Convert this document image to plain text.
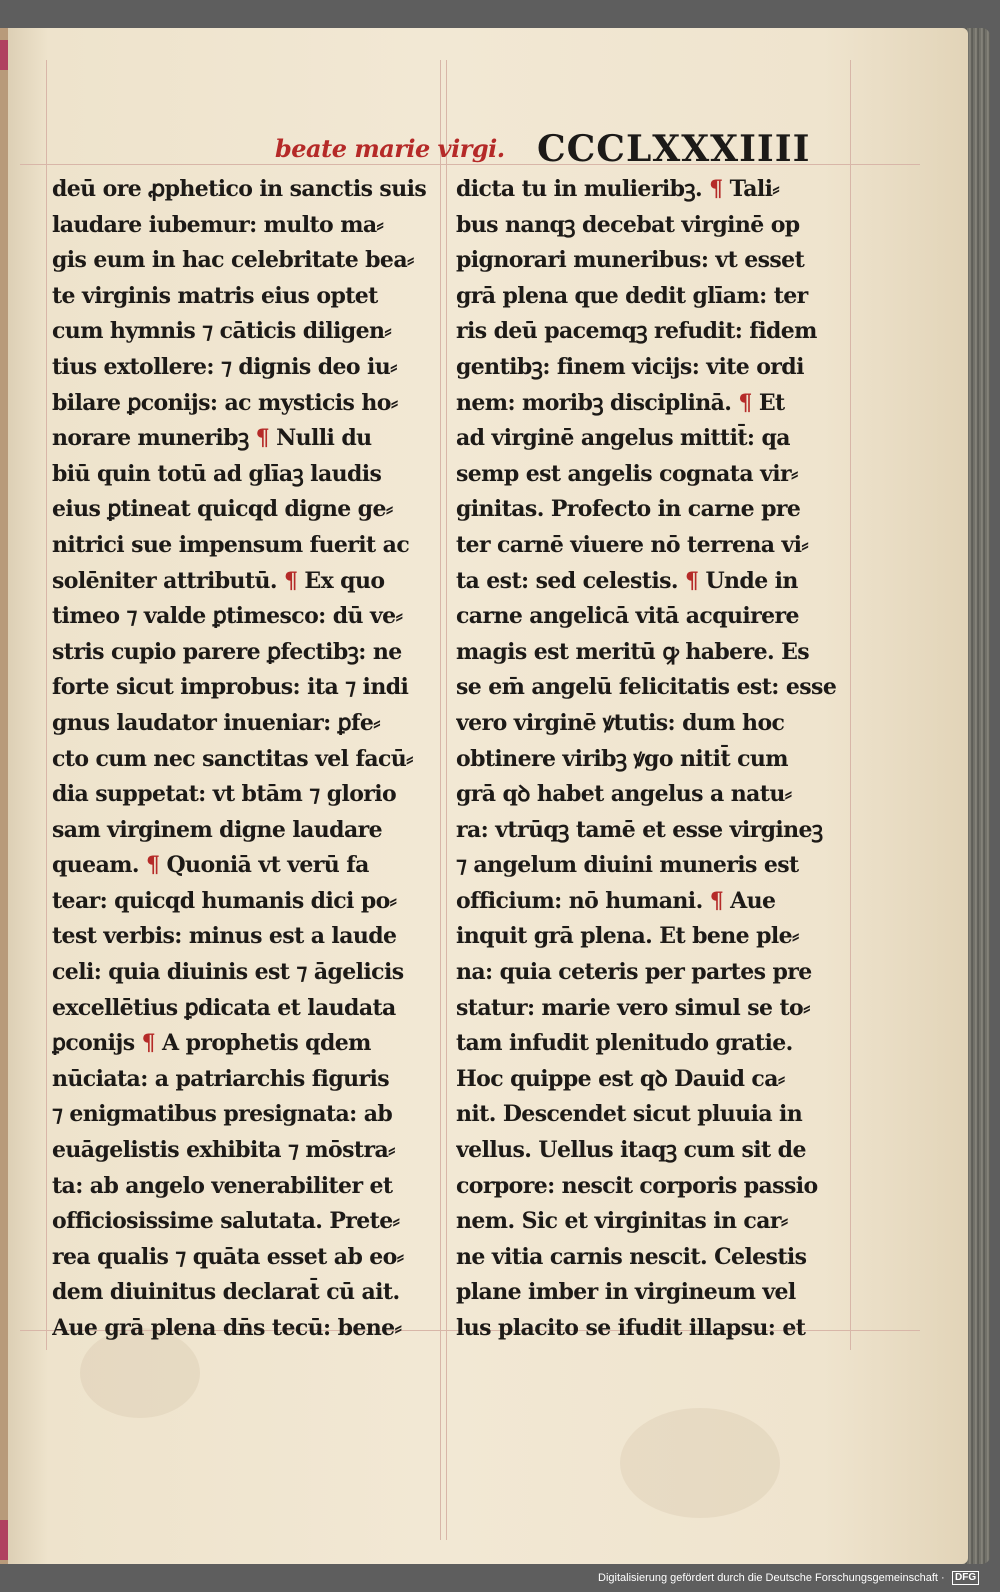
beate marie virgi. CCCLXXXIIII
deū ore ꝓphetico in sanctis suis
laudare iubemur: multo ma⸗
gis eum in hac celebritate bea⸗
te virginis matris eius optet
cum hymnis ⁊ cāticis diligen⸗
tius extollere: ⁊ dignis deo iu⸗
bilare ꝑconijs: ac mysticis ho⸗
norare muneribꝫ ¶ Nulli du
biū quin totū ad glīaꝫ laudis
eius ꝑtineat quicqd digne ge⸗
nitrici sue impensum fuerit ac
solēniter attributū. ¶ Ex quo
timeo ⁊ valde ꝑtimesco: dū ve⸗
stris cupio parere ꝑfectibꝫ: ne
forte sicut improbus: ita ⁊ indi
gnus laudator inueniar: ꝑfe⸗
cto cum nec sanctitas vel facū⸗
dia suppetat: vt btām ⁊ glorio
sam virginem digne laudare
queam. ¶ Quoniā vt verū fa
tear: quicqd humanis dici po⸗
test verbis: minus est a laude
celi: quia diuinis est ⁊ āgelicis
excellētius ꝑdicata et laudata
ꝑconijs ¶ A prophetis qdem
nūciata: a patriarchis figuris
⁊ enigmatibus presignata: ab
euāgelistis exhibita ⁊ mōstra⸗
ta: ab angelo venerabiliter et
officiosissime salutata. Prete⸗
rea qualis ⁊ quāta esset ab eo⸗
dem diuinitus declarat̄ cū ait.
Aue grā plena dn̄s tecū: bene⸗
dicta tu in mulieribꝫ. ¶ Tali⸗
bus nanqꝫ decebat virginē op
pignorari muneribus: vt esset
grā plena que dedit glīam: ter
ris deū pacemqꝫ refudit: fidem
gentibꝫ: finem vicijs: vite ordi
nem: moribꝫ disciplinā. ¶ Et
ad virginē angelus mittit̄: qa
semp est angelis cognata vir⸗
ginitas. Profecto in carne pre
ter carnē viuere nō terrena vi⸗
ta est: sed celestis. ¶ Unde in
carne angelicā vitā acquirere
magis est meritū ꝙ habere. Es
se em̄ angelū felicitatis est: esse
vero virginē ꝟtutis: dum hoc
obtinere viribꝫ ꝟgo nitit̄ cum
grā qꝺ habet angelus a natu⸗
ra: vtrūqꝫ tamē et esse virgineꝫ
⁊ angelum diuini muneris est
officium: nō humani. ¶ Aue
inquit grā plena. Et bene ple⸗
na: quia ceteris per partes pre
statur: marie vero simul se to⸗
tam infudit plenitudo gratie.
Hoc quippe est qꝺ Dauid ca⸗
nit. Descendet sicut pluuia in
vellus. Uellus itaqꝫ cum sit de
corpore: nescit corporis passio
nem. Sic et virginitas in car⸗
ne vitia carnis nescit. Celestis
plane imber in virgineum vel
lus placito se ifudit illapsu: et
Digitalisierung gefördert durch die Deutsche Forschungsgemeinschaft ·	DFG
